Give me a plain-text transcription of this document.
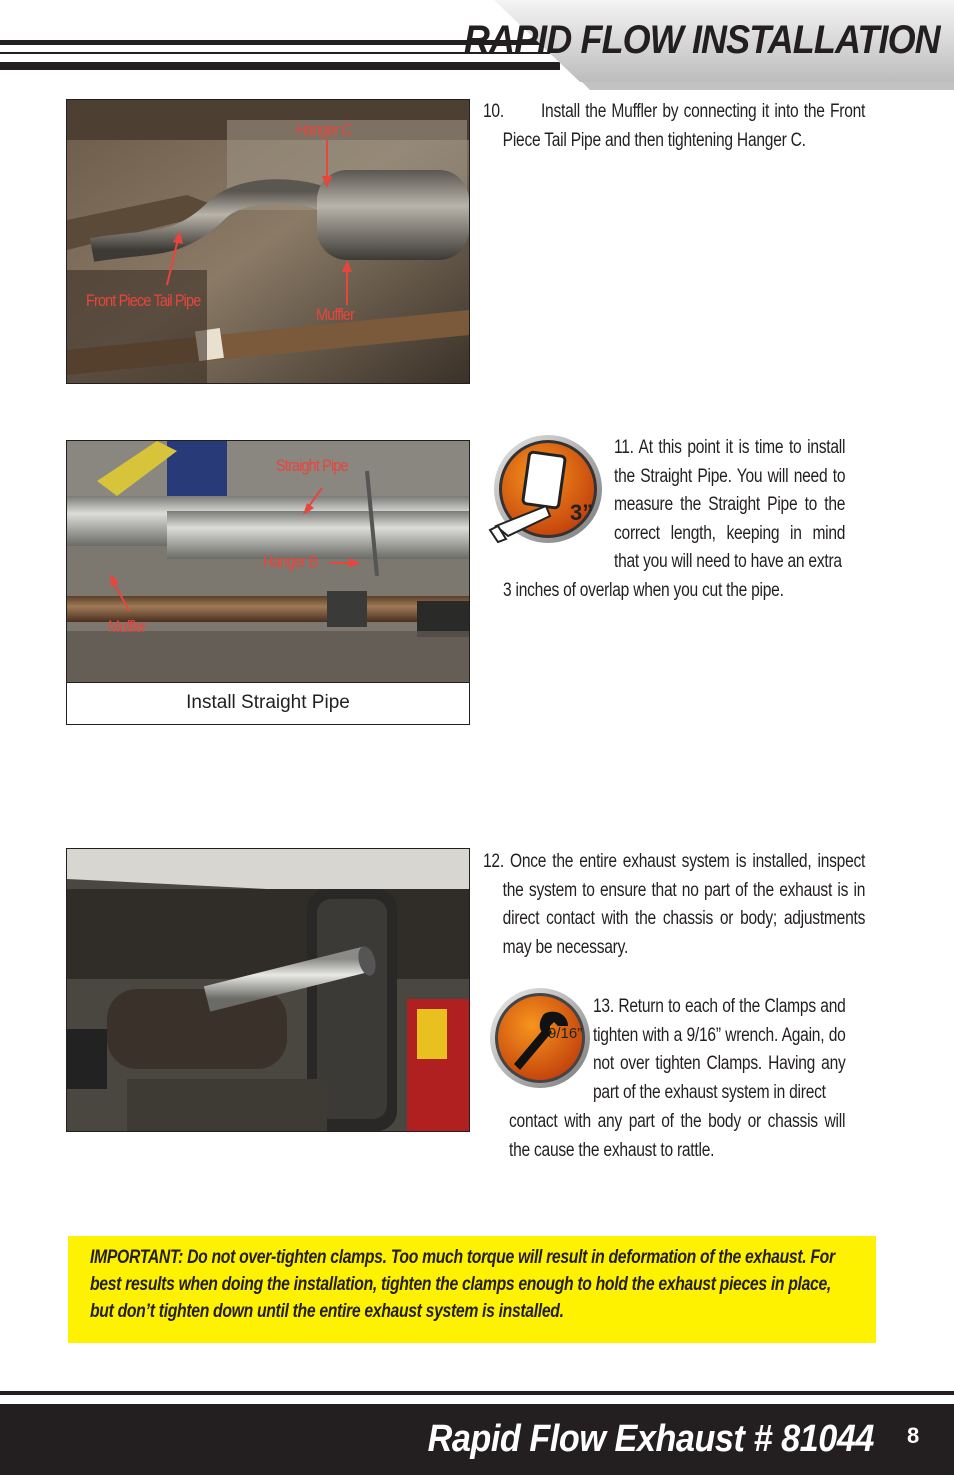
RAPID FLOW INSTALLATION
Hanger C
Front Piece Tail Pipe
Muffler
10.       Install the Muffler by connecting it into the Front Piece Tail Pipe and then tightening Hanger C.
Straight Pipe
Hanger B
Muffler
Install Straight Pipe
3”
11. At this point it is time to install the Straight Pipe. You will need to measure the Straight Pipe to the correct length, keeping in mind that you will need to have an extra
12. Once the entire exhaust system is installed, inspect the system to ensure that no part of the exhaust is in direct contact with the chassis or body; adjustments may be necessary.
9/16”
13. Return to each of the Clamps and tighten with a 9/16” wrench. Again, do not over tighten Clamps. Having any part of the exhaust system in direct
IMPORTANT: Do not over-tighten clamps. Too much torque will result in deformation of the exhaust. For best results when doing the installation, tighten the clamps enough to hold the exhaust pieces in place, but don’t tighten down until the entire exhaust system is installed.
Rapid Flow Exhaust # 81044 8
3 inches of overlap when you cut the pipe.
contact with any part of the body or chassis will the cause the exhaust to rattle.
